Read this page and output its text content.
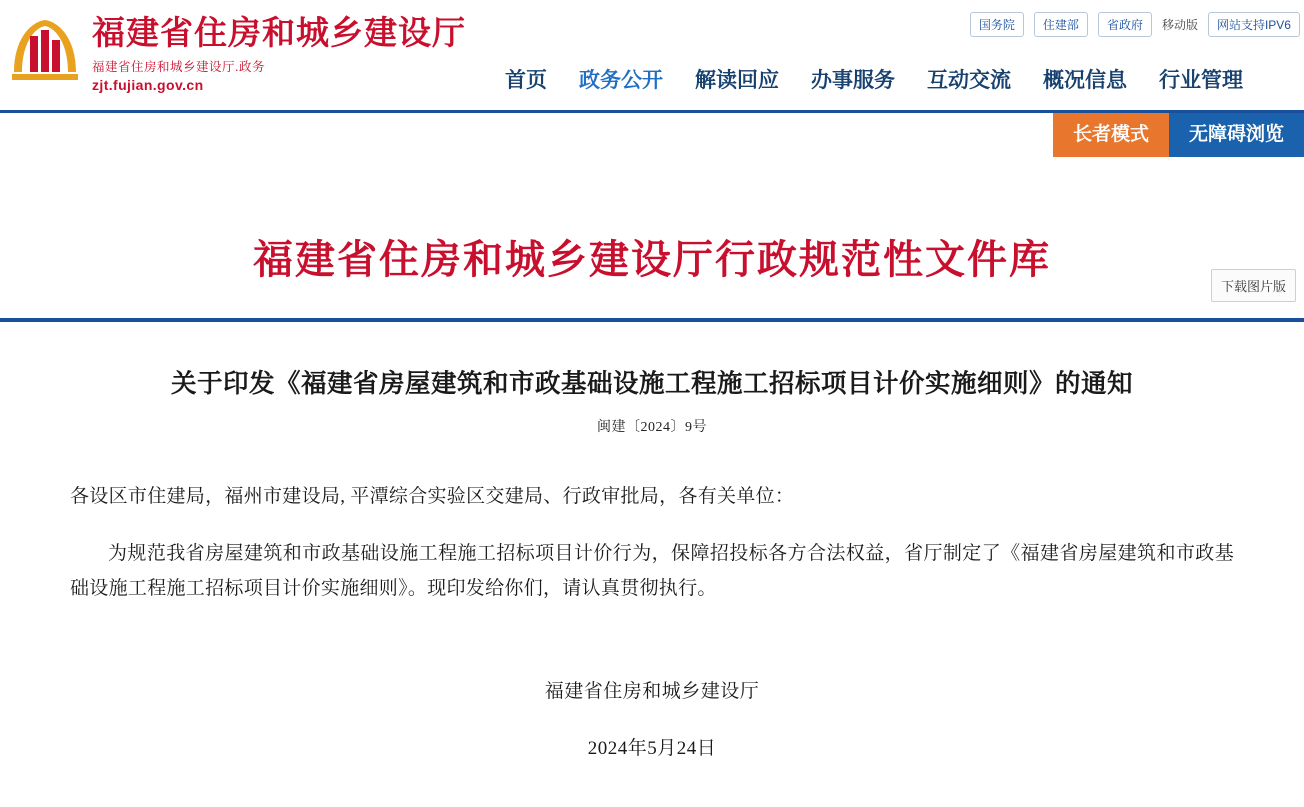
福建省住房和城乡建设厅
福建省住房和城乡建设厅.政务
zjt.fujian.gov.cn
国务院	住建部	省政府	移动版	网站支持IPV6
首页 政务公开 解读回应 办事服务 互动交流 概况信息 行业管理
长者模式	无障碍浏览
福建省住房和城乡建设厅行政规范性文件库
下载图片版
关于印发《福建省房屋建筑和市政基础设施工程施工招标项目计价实施细则》的通知
闽建〔2024〕9号
各设区市住建局，福州市建设局, 平潭综合实验区交建局、行政审批局，各有关单位：
为规范我省房屋建筑和市政基础设施工程施工招标项目计价行为，保障招投标各方合法权益，省厅制定了《福建省房屋建筑和市政基础设施工程施工招标项目计价实施细则》。现印发给你们，请认真贯彻执行。
福建省住房和城乡建设厅
2024年5月24日
